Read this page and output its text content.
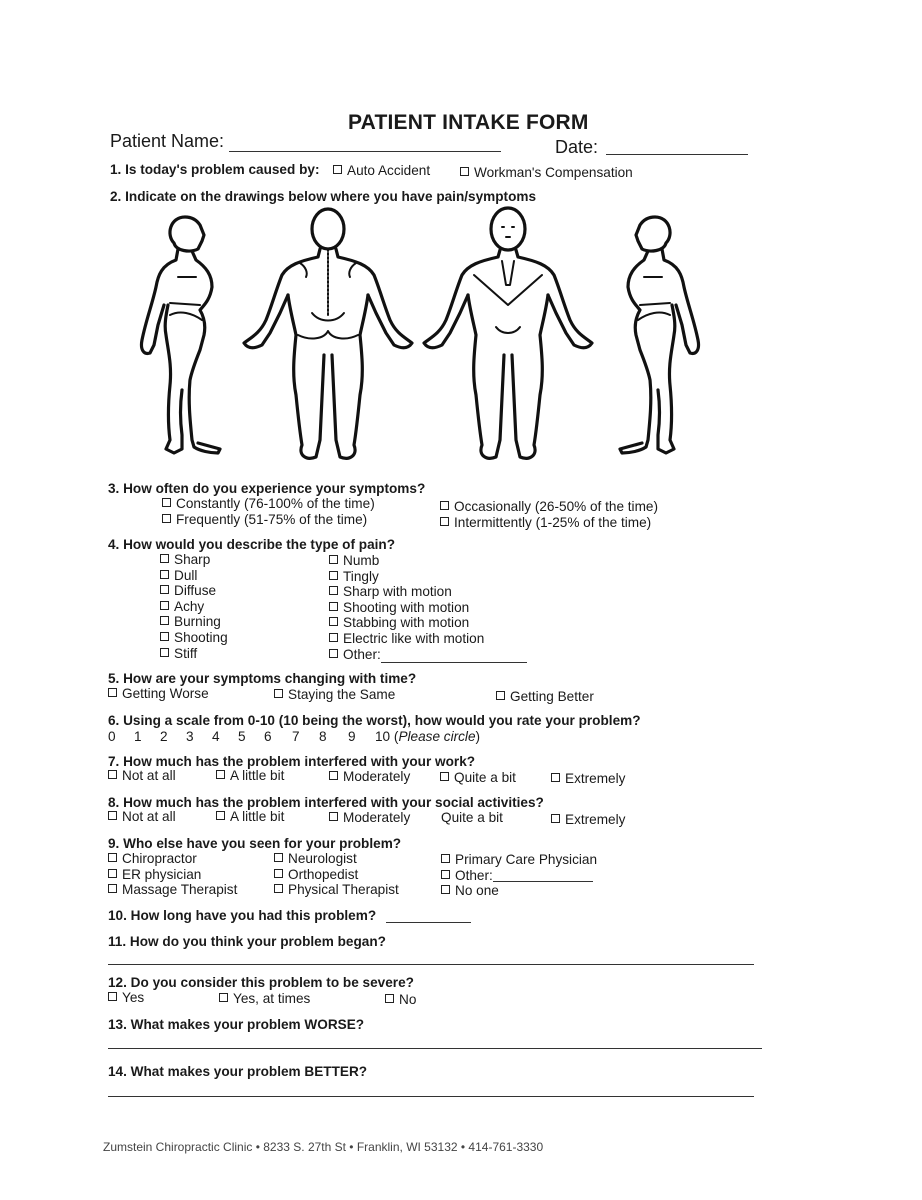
PATIENT INTAKE FORM
Patient Name:	Date:
1. Is today's problem caused by:	Auto Accident	Workman's Compensation
2. Indicate on the drawings below where you have pain/symptoms
3. How often do you experience your symptoms?
Constantly (76-100% of the time)
Frequently (51-75% of the time)
Occasionally (26-50% of the time)
Intermittently (1-25% of the time)
4. How would you describe the type of pain?
Sharp
Dull
Diffuse
Achy
Burning
Shooting
Stiff
Numb
Tingly
Sharp with motion
Shooting with motion
Stabbing with motion
Electric like with motion
Other:
5. How are your symptoms changing with time?
Getting Worse	Staying the Same	Getting Better
6. Using a scale from 0-10 (10 being the worst), how would you rate your problem?
0 1 2 3 4 5 6 7 8 9 10 (Please circle)
7. How much has the problem interfered with your work?
Not at all	A little bit	Moderately	Quite a bit	Extremely
8. How much has the problem interfered with your social activities?
Not at all	A little bit	Moderately Quite a bit	Extremely
9. Who else have you seen for your problem?
Chiropractor
ER physician
Massage Therapist
Neurologist
Orthopedist
Physical Therapist
Primary Care Physician
Other:
No one
10. How long have you had this problem?
11. How do you think your problem began?
12. Do you consider this problem to be severe?
Yes	Yes, at times	No
13. What makes your problem WORSE?
14. What makes your problem BETTER?
Zumstein Chiropractic Clinic • 8233 S. 27th St • Franklin, WI 53132 • 414-761-3330
